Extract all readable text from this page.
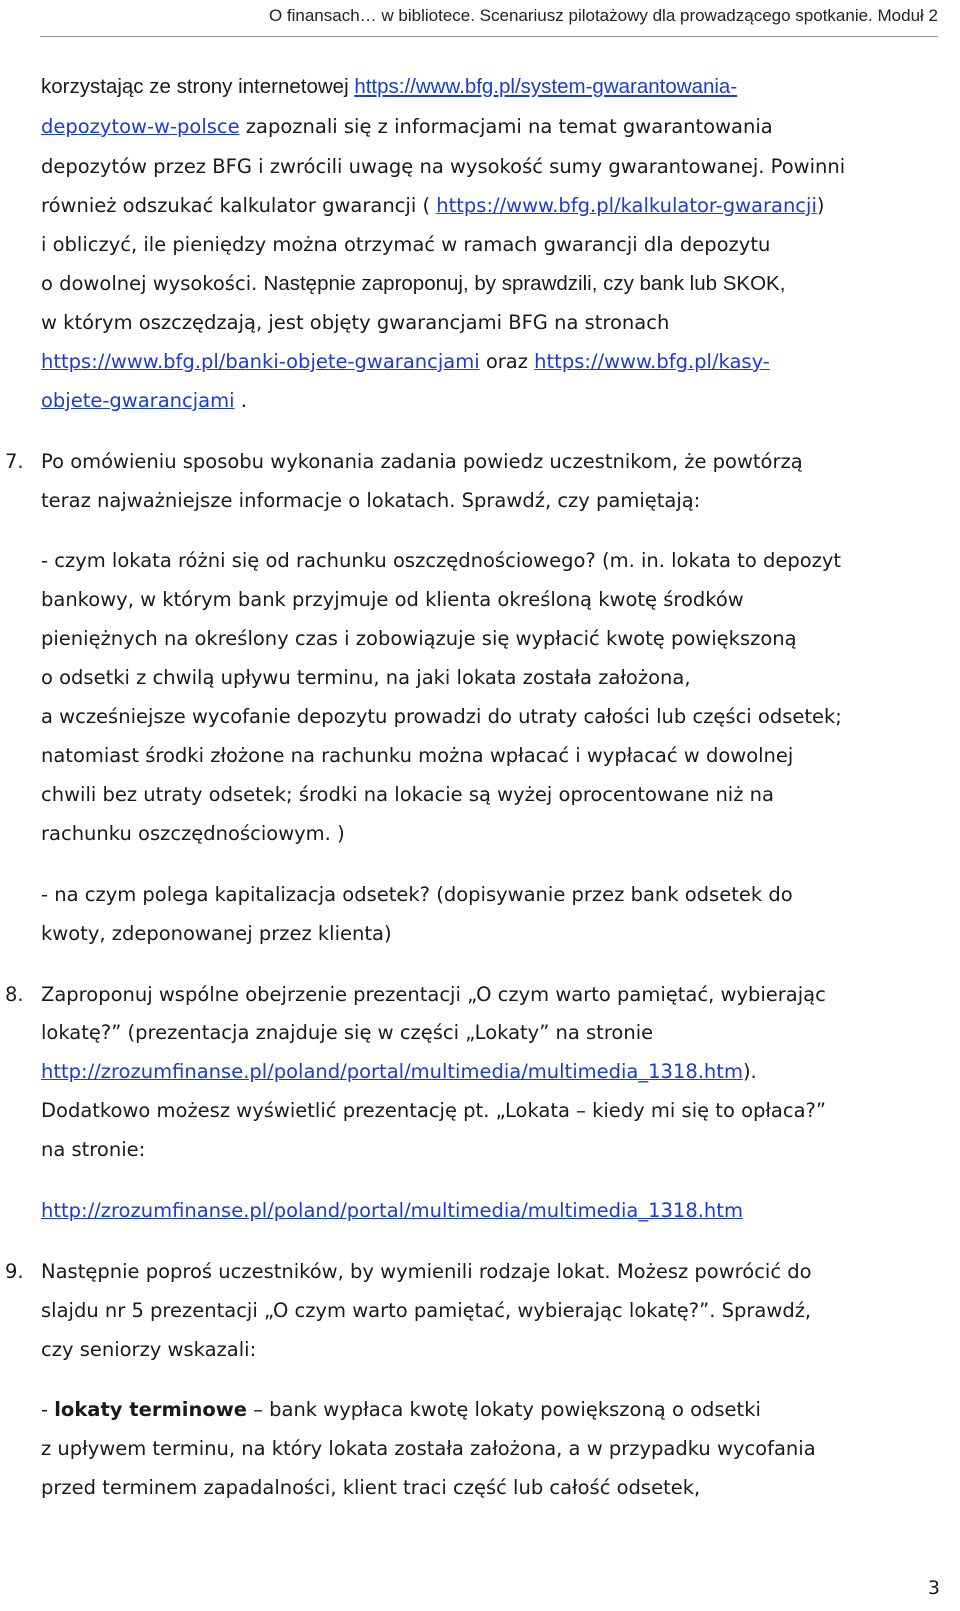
O finansach… w bibliotece. Scenariusz pilotażowy dla prowadzącego spotkanie. Moduł 2
korzystając ze strony internetowej https://www.bfg.pl/system-gwarantowania-
depozytow-w-polsce zapoznali się z informacjami na temat gwarantowania
depozytów przez BFG i zwrócili uwagę na wysokość sumy gwarantowanej. Powinni
również odszukać kalkulator gwarancji ( https://www.bfg.pl/kalkulator-gwarancji)
i obliczyć, ile pieniędzy można otrzymać w ramach gwarancji dla depozytu
o dowolnej wysokości. Następnie zaproponuj, by sprawdzili, czy bank lub SKOK,
w którym oszczędzają, jest objęty gwarancjami BFG na stronach
https://www.bfg.pl/banki-objete-gwarancjami oraz https://www.bfg.pl/kasy-
objete-gwarancjami .
7. Po omówieniu sposobu wykonania zadania powiedz uczestnikom, że powtórzą
teraz najważniejsze informacje o lokatach. Sprawdź, czy pamiętają:
- czym lokata różni się od rachunku oszczędnościowego? (m. in. lokata to depozyt
bankowy, w którym bank przyjmuje od klienta określoną kwotę środków
pieniężnych na określony czas i zobowiązuje się wypłacić kwotę powiększoną
o odsetki z chwilą upływu terminu, na jaki lokata została założona,
a wcześniejsze wycofanie depozytu prowadzi do utraty całości lub części odsetek;
natomiast środki złożone na rachunku można wpłacać i wypłacać w dowolnej
chwili bez utraty odsetek; środki na lokacie są wyżej oprocentowane niż na
rachunku oszczędnościowym. )
- na czym polega kapitalizacja odsetek? (dopisywanie przez bank odsetek do
kwoty, zdeponowanej przez klienta)
8. Zaproponuj wspólne obejrzenie prezentacji „O czym warto pamiętać, wybierając
lokatę?” (prezentacja znajduje się w części „Lokaty” na stronie
http://zrozumfinanse.pl/poland/portal/multimedia/multimedia_1318.htm).
Dodatkowo możesz wyświetlić prezentację pt. „Lokata – kiedy mi się to opłaca?”
na stronie:
http://zrozumfinanse.pl/poland/portal/multimedia/multimedia_1318.htm
9. Następnie poproś uczestników, by wymienili rodzaje lokat. Możesz powrócić do
slajdu nr 5 prezentacji „O czym warto pamiętać, wybierając lokatę?”. Sprawdź,
czy seniorzy wskazali:
- lokaty terminowe – bank wypłaca kwotę lokaty powiększoną o odsetki
z upływem terminu, na który lokata została założona, a w przypadku wycofania
przed terminem zapadalności, klient traci część lub całość odsetek,
3
